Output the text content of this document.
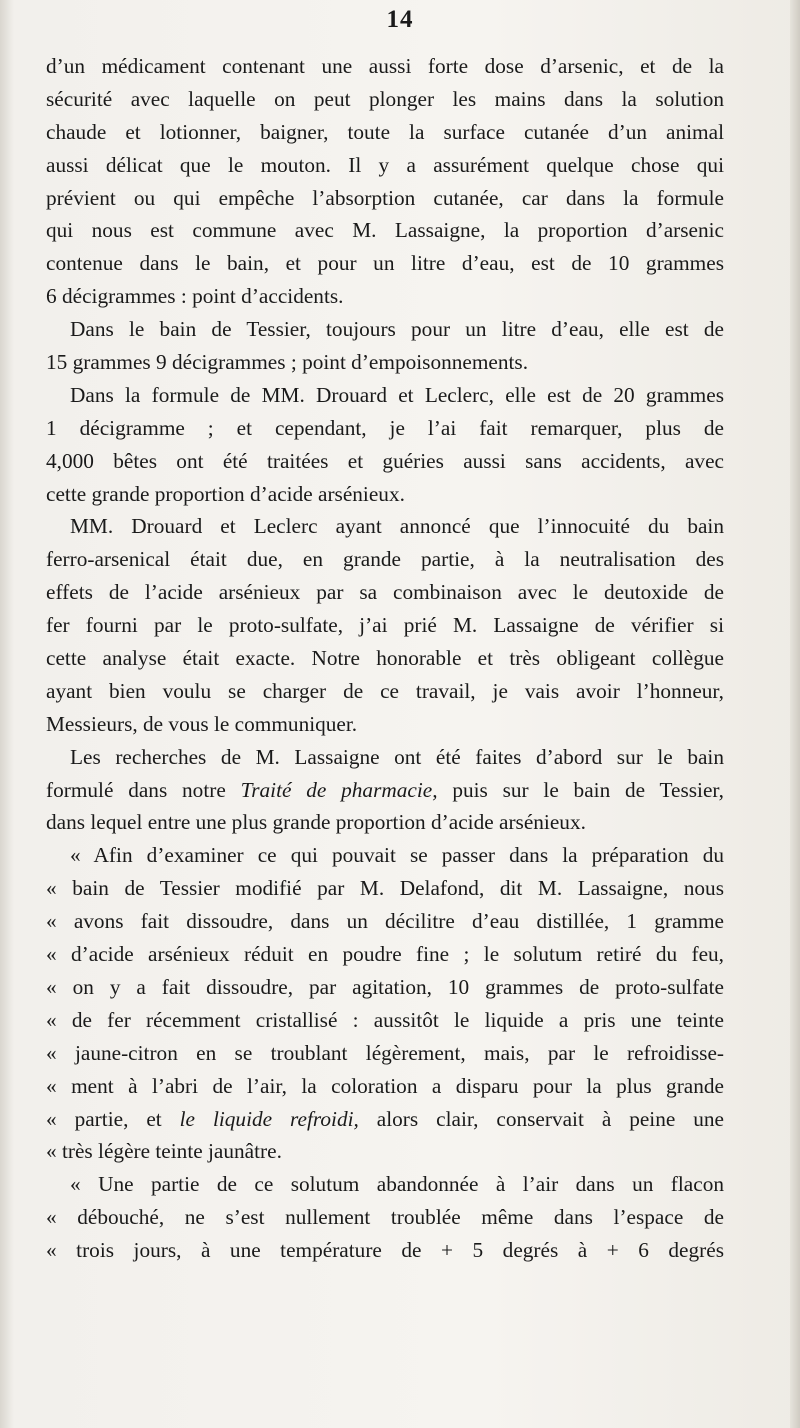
14
d’un médicament contenant une aussi forte dose d’arsenic, et de la
sécurité avec laquelle on peut plonger les mains dans la solution
chaude et lotionner, baigner, toute la surface cutanée d’un animal
aussi délicat que le mouton. Il y a assurément quelque chose qui
prévient ou qui empêche l’absorption cutanée, car dans la formule
qui nous est commune avec M. Lassaigne, la proportion d’arsenic
contenue dans le bain, et pour un litre d’eau, est de 10 grammes
6 décigrammes : point d’accidents.
Dans le bain de Tessier, toujours pour un litre d’eau, elle est de
15 grammes 9 décigrammes ; point d’empoisonnements.
Dans la formule de MM. Drouard et Leclerc, elle est de 20 grammes
1 décigramme ; et cependant, je l’ai fait remarquer, plus de
4,000 bêtes ont été traitées et guéries aussi sans accidents, avec
cette grande proportion d’acide arsénieux.
MM. Drouard et Leclerc ayant annoncé que l’innocuité du bain
ferro-arsenical était due, en grande partie, à la neutralisation des
effets de l’acide arsénieux par sa combinaison avec le deutoxide de
fer fourni par le proto-sulfate, j’ai prié M. Lassaigne de vérifier si
cette analyse était exacte. Notre honorable et très obligeant collègue
ayant bien voulu se charger de ce travail, je vais avoir l’honneur,
Messieurs, de vous le communiquer.
Les recherches de M. Lassaigne ont été faites d’abord sur le bain
formulé dans notre Traité de pharmacie, puis sur le bain de Tessier,
dans lequel entre une plus grande proportion d’acide arsénieux.
« Afin d’examiner ce qui pouvait se passer dans la préparation du
« bain de Tessier modifié par M. Delafond, dit M. Lassaigne, nous
« avons fait dissoudre, dans un décilitre d’eau distillée, 1 gramme
« d’acide arsénieux réduit en poudre fine ; le solutum retiré du feu,
« on y a fait dissoudre, par agitation, 10 grammes de proto-sulfate
« de fer récemment cristallisé : aussitôt le liquide a pris une teinte
« jaune-citron en se troublant légèrement, mais, par le refroidisse-
« ment à l’abri de l’air, la coloration a disparu pour la plus grande
« partie, et le liquide refroidi, alors clair, conservait à peine une
« très légère teinte jaunâtre.
« Une partie de ce solutum abandonnée à l’air dans un flacon
« débouché, ne s’est nullement troublée même dans l’espace de
« trois jours, à une température de + 5 degrés à + 6 degrés
